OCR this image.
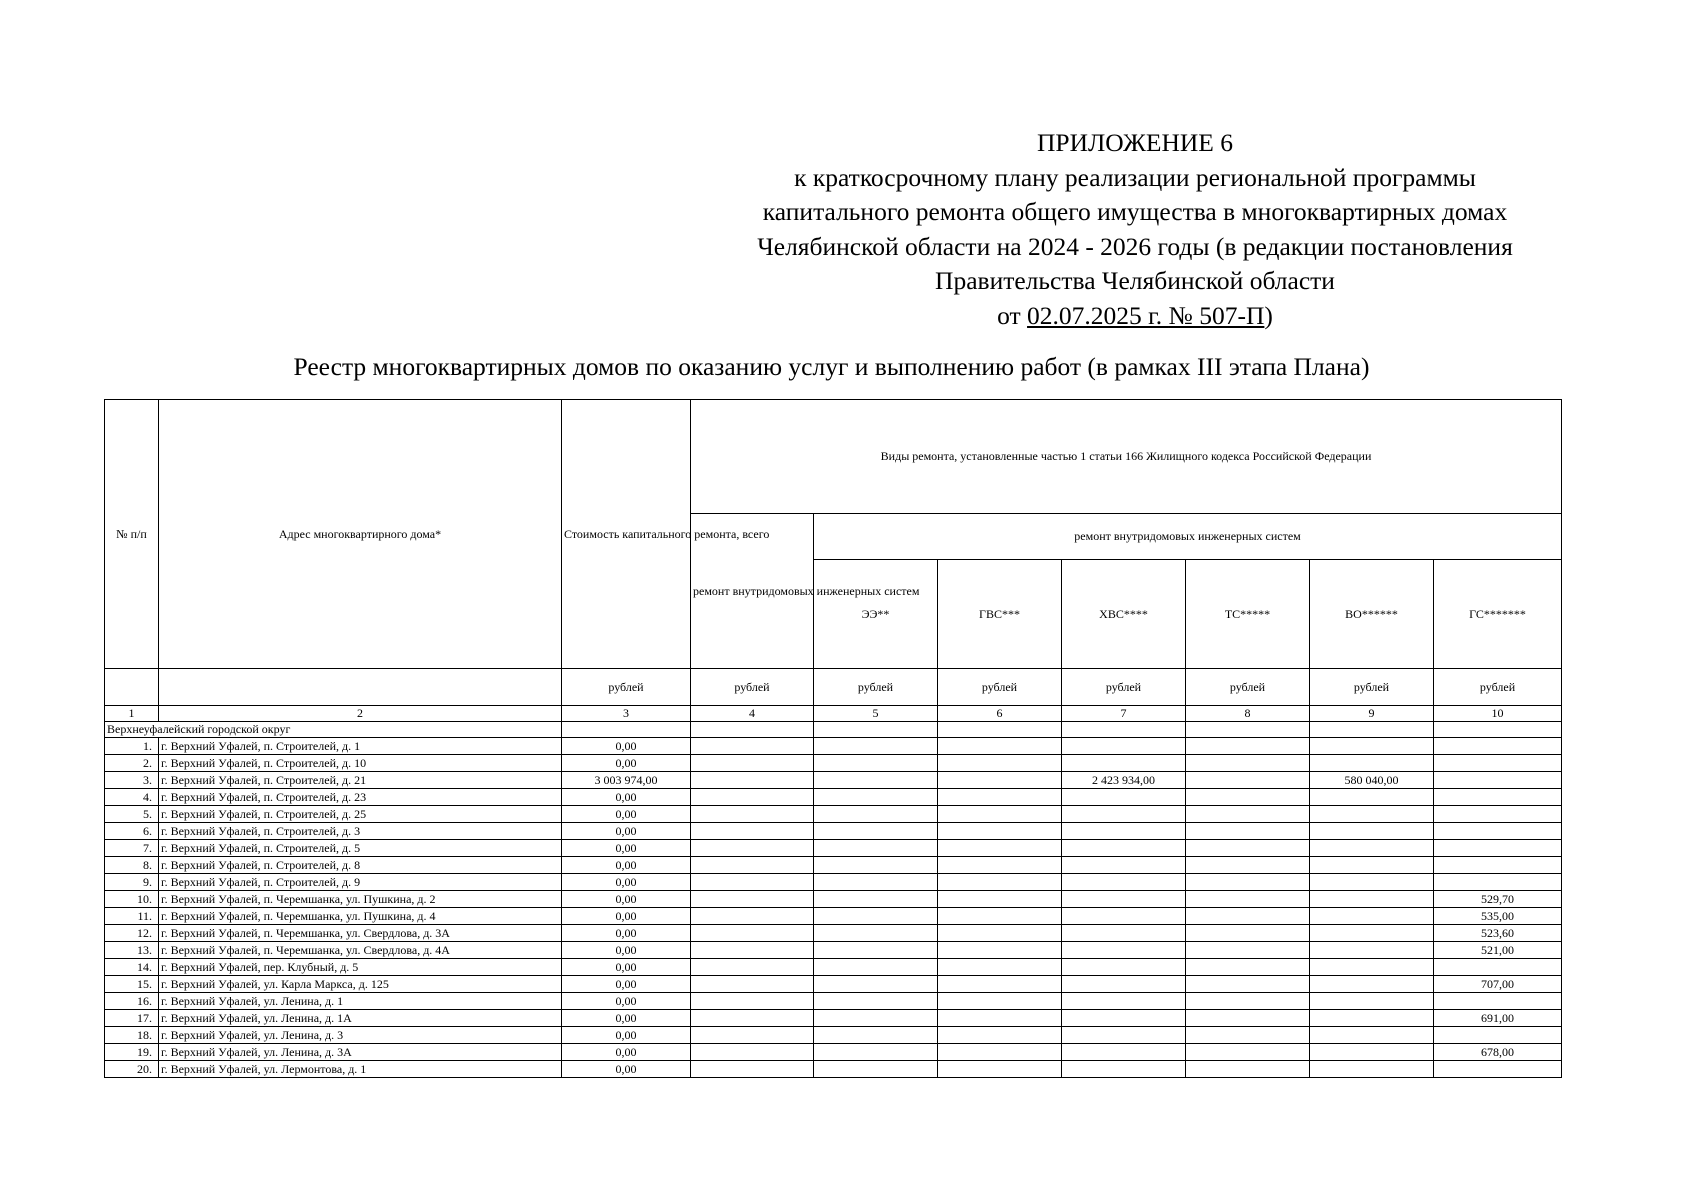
ПРИЛОЖЕНИЕ 6
к краткосрочному плану реализации региональной программы
капитального ремонта общего имущества в многоквартирных домах
Челябинской области на 2024 - 2026 годы (в редакции постановления
Правительства Челябинской области
от 02.07.2025 г. № 507-П)
Реестр многоквартирных домов по оказанию услуг и выполнению работ (в рамках III этапа Плана)
№ п/п	Адрес многоквартирного дома*	Стоимость капитального ремонта, всего	Виды ремонта, установленные частью 1 статьи 166 Жилищного кодекса Российской Федерации						
			ремонт внутридомовых инженерных систем	ремонт внутридомовых инженерных систем					
				ЭЭ**	ГВС***	ХВС****	ТС*****	ВО******	ГС*******
		рублей	рублей	рублей	рублей	рублей	рублей	рублей	рублей
1	2	3	4	5	6	7	8	9	10
Верхнеуфалейский городской округ									
1.	г. Верхний Уфалей, п. Строителей, д. 1	0,00							
2.	г. Верхний Уфалей, п. Строителей, д. 10	0,00							
3.	г. Верхний Уфалей, п. Строителей, д. 21	3 003 974,00				2 423 934,00		580 040,00	
4.	г. Верхний Уфалей, п. Строителей, д. 23	0,00							
5.	г. Верхний Уфалей, п. Строителей, д. 25	0,00							
6.	г. Верхний Уфалей, п. Строителей, д. 3	0,00							
7.	г. Верхний Уфалей, п. Строителей, д. 5	0,00							
8.	г. Верхний Уфалей, п. Строителей, д. 8	0,00							
9.	г. Верхний Уфалей, п. Строителей, д. 9	0,00							
10.	г. Верхний Уфалей, п. Черемшанка, ул. Пушкина, д. 2	0,00							529,70
11.	г. Верхний Уфалей, п. Черемшанка, ул. Пушкина, д. 4	0,00							535,00
12.	г. Верхний Уфалей, п. Черемшанка, ул. Свердлова, д. 3А	0,00							523,60
13.	г. Верхний Уфалей, п. Черемшанка, ул. Свердлова, д. 4А	0,00							521,00
14.	г. Верхний Уфалей, пер. Клубный, д. 5	0,00							
15.	г. Верхний Уфалей, ул. Карла Маркса, д. 125	0,00							707,00
16.	г. Верхний Уфалей, ул. Ленина, д. 1	0,00							
17.	г. Верхний Уфалей, ул. Ленина, д. 1А	0,00							691,00
18.	г. Верхний Уфалей, ул. Ленина, д. 3	0,00							
19.	г. Верхний Уфалей, ул. Ленина, д. 3А	0,00							678,00
20.	г. Верхний Уфалей, ул. Лермонтова, д. 1	0,00							
